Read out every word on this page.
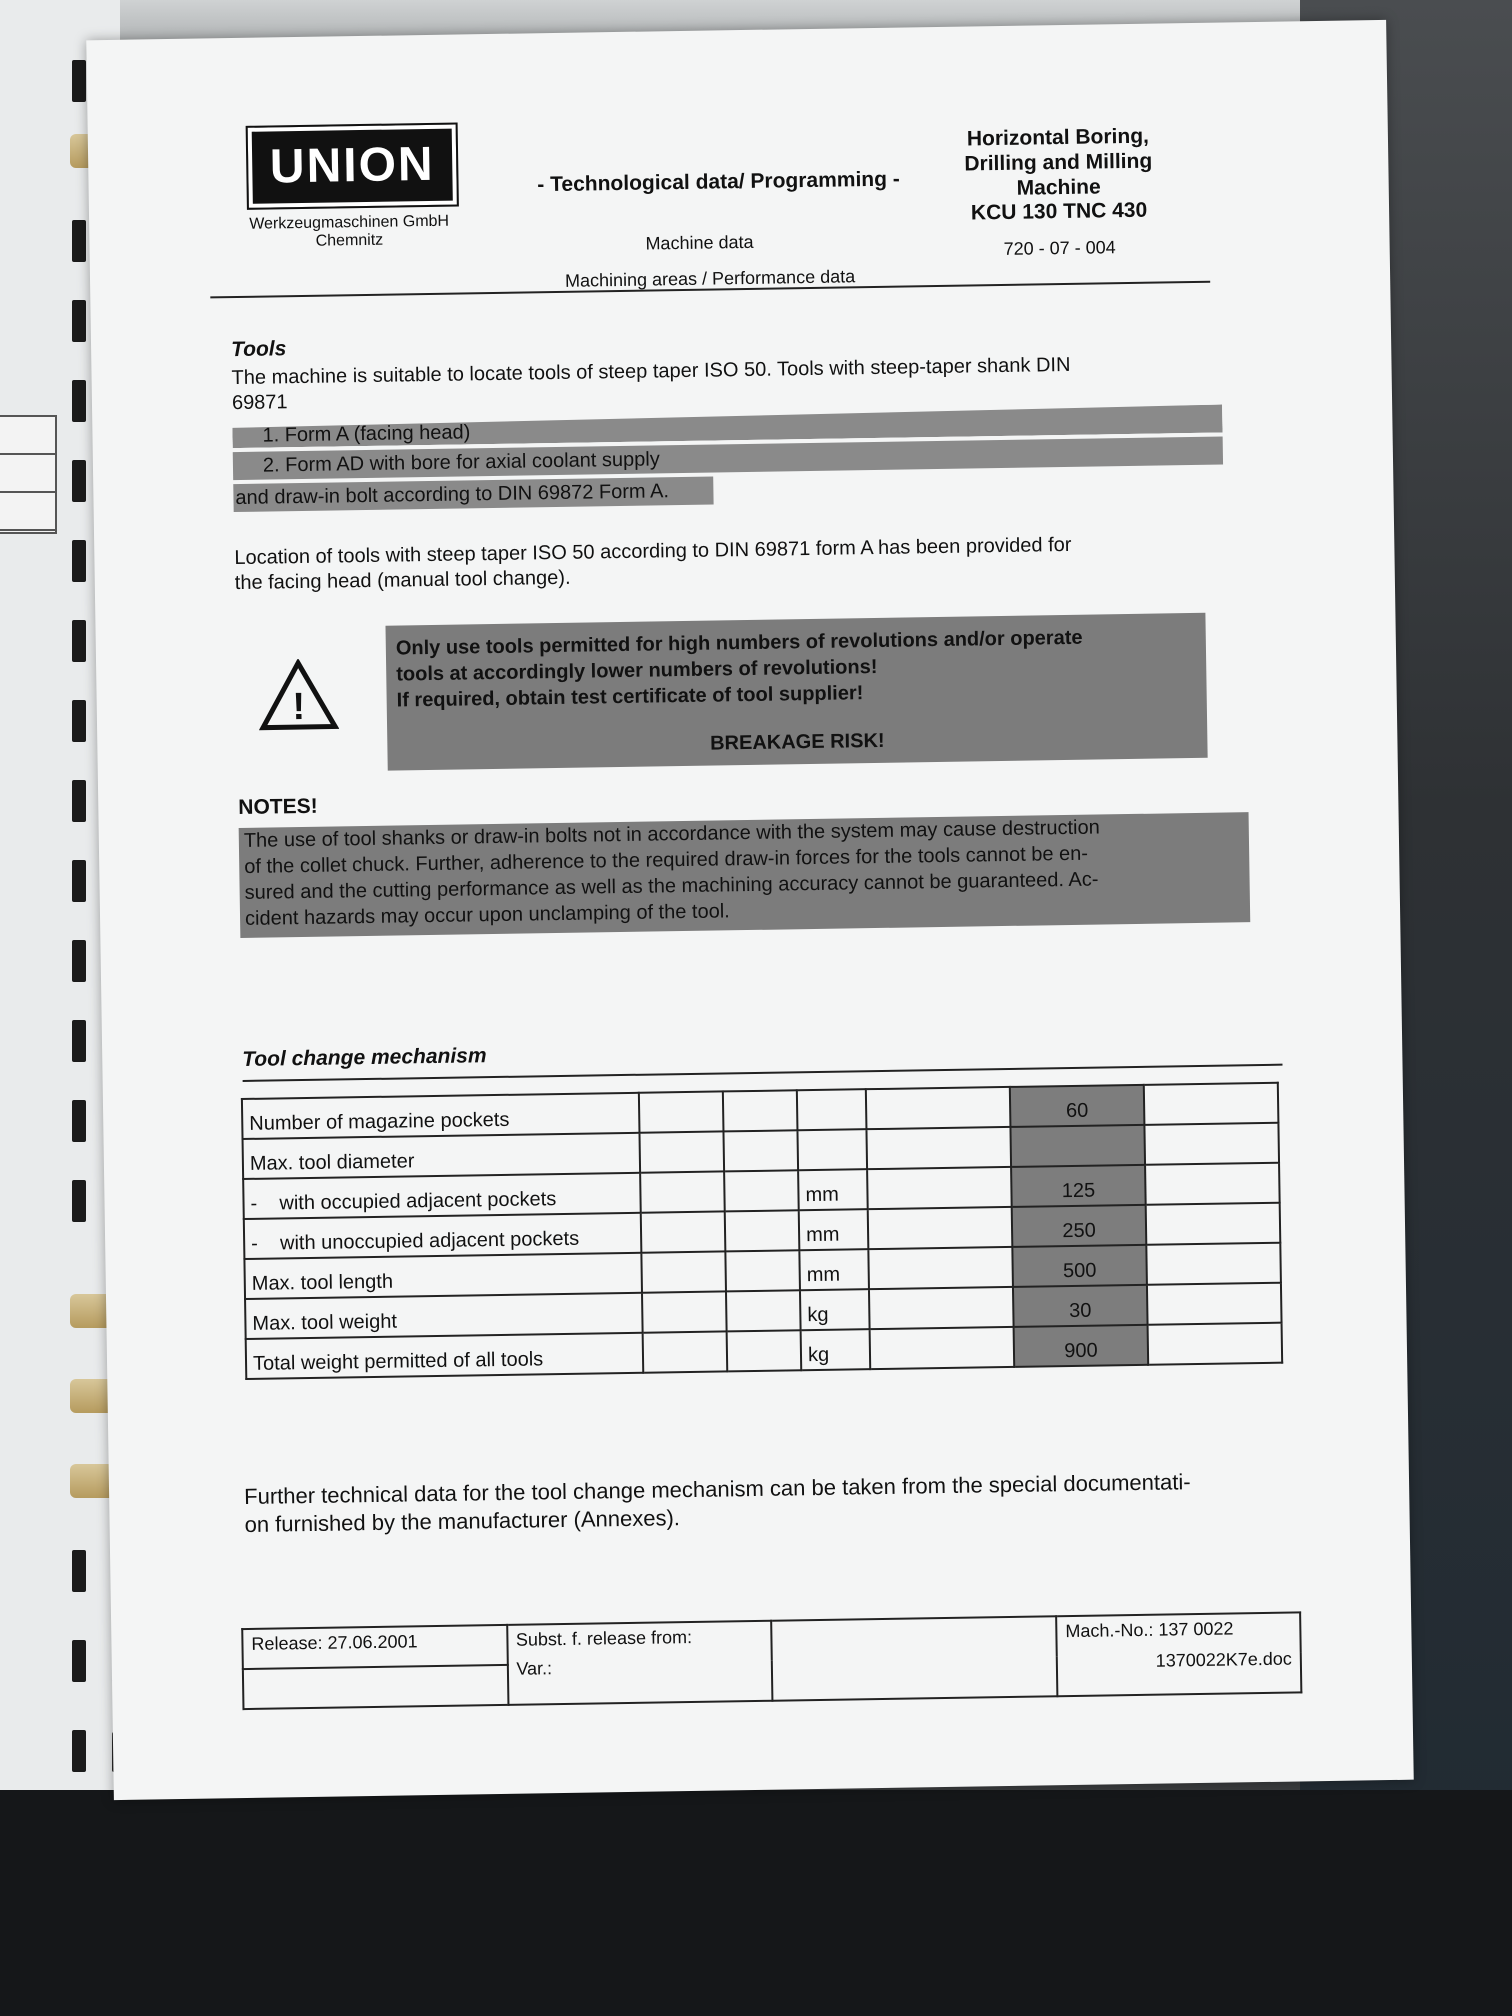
UNION
Werkzeugmaschinen GmbH
Chemnitz
- Technological data/ Programming -
Machine data
Machining areas / Performance data
Horizontal Boring,
Drilling and Milling
Machine
KCU 130 TNC 430
720 - 07 - 004
Tools
The machine is suitable to locate tools of steep taper ISO 50. Tools with steep-taper shank DIN
69871
1. Form A (facing head)
2. Form AD with bore for axial coolant supply
and draw-in bolt according to DIN 69872 Form A.
Location of tools with steep taper ISO 50 according to DIN 69871 form A has been provided for
the facing head (manual tool change).
!
Only use tools permitted for high numbers of revolutions and/or operate
tools at accordingly lower numbers of revolutions!
If required, obtain test certificate of tool supplier!
BREAKAGE RISK!
NOTES!
The use of tool shanks or draw-in bolts not in accordance with the system may cause destruction
of the collet chuck. Further, adherence to the required draw-in forces for the tools cannot be en-
sured and the cutting performance as well as the machining accuracy cannot be guaranteed. Ac-
cident hazards may occur upon unclamping of the tool.
Tool change mechanism
Number of magazine pockets					60	
Max. tool diameter						
-    with occupied adjacent pockets			mm		125	
-    with unoccupied adjacent pockets			mm		250	
Max. tool length			mm		500	
Max. tool weight			kg		30	
Total weight permitted of all tools			kg		900	
Further technical data for the tool change mechanism can be taken from the special documentati-
on furnished by the manufacturer (Annexes).
Release: 27.06.2001	Subst. f. release from:
Var.:

Mach.-No.: 137 0022
1370022K7e.doc
